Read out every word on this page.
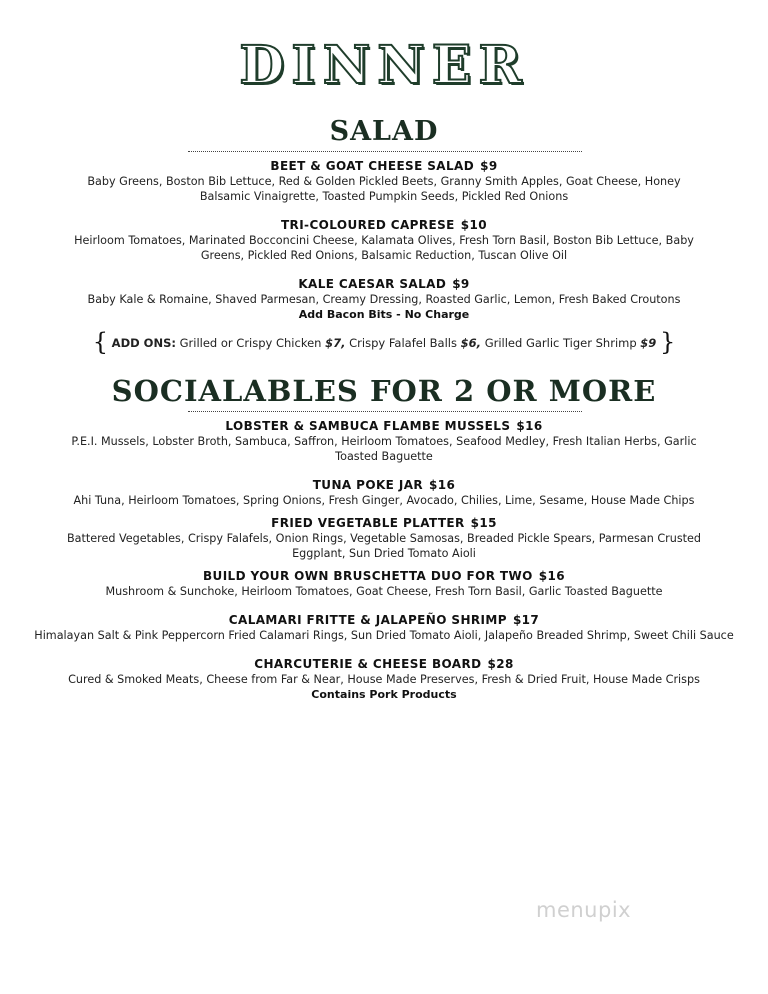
DINNER
SALAD
BEET & GOAT CHEESE SALAD $9
Baby Greens, Boston Bib Lettuce, Red & Golden Pickled Beets, Granny Smith Apples, Goat Cheese, Honey Balsamic Vinaigrette, Toasted Pumpkin Seeds, Pickled Red Onions
TRI-COLOURED CAPRESE $10
Heirloom Tomatoes, Marinated Bocconcini Cheese, Kalamata Olives, Fresh Torn Basil, Boston Bib Lettuce, Baby Greens, Pickled Red Onions, Balsamic Reduction, Tuscan Olive Oil
KALE CAESAR SALAD $9
Baby Kale & Romaine, Shaved Parmesan, Creamy Dressing, Roasted Garlic, Lemon, Fresh Baked Croutons
Add Bacon Bits - No Charge
{ ADD ONS: Grilled or Crispy Chicken $7, Crispy Falafel Balls $6, Grilled Garlic Tiger Shrimp $9 }
SOCIALABLES FOR 2 OR MORE
LOBSTER & SAMBUCA FLAMBE MUSSELS $16
P.E.I. Mussels, Lobster Broth, Sambuca, Saffron, Heirloom Tomatoes, Seafood Medley, Fresh Italian Herbs, Garlic Toasted Baguette
TUNA POKE JAR $16
Ahi Tuna, Heirloom Tomatoes, Spring Onions, Fresh Ginger, Avocado, Chilies, Lime, Sesame, House Made Chips
FRIED VEGETABLE PLATTER $15
Battered Vegetables, Crispy Falafels, Onion Rings, Vegetable Samosas, Breaded Pickle Spears, Parmesan Crusted Eggplant, Sun Dried Tomato Aioli
BUILD YOUR OWN BRUSCHETTA DUO FOR TWO $16
Mushroom & Sunchoke, Heirloom Tomatoes, Goat Cheese, Fresh Torn Basil, Garlic Toasted Baguette
CALAMARI FRITTE & JALAPEÑO SHRIMP $17
Himalayan Salt & Pink Peppercorn Fried Calamari Rings, Sun Dried Tomato Aioli, Jalapeño Breaded Shrimp, Sweet Chili Sauce
CHARCUTERIE & CHEESE BOARD $28
Cured & Smoked Meats, Cheese from Far & Near, House Made Preserves, Fresh & Dried Fruit, House Made Crisps
Contains Pork Products
menupix
